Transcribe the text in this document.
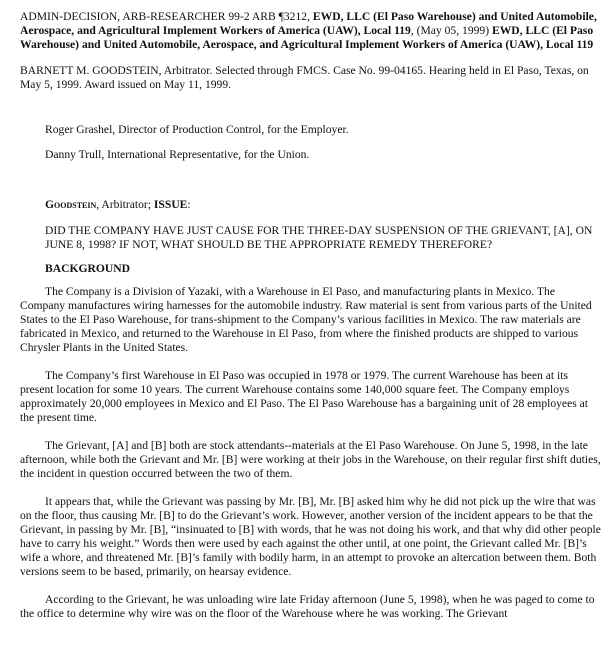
ADMIN-DECISION, ARB-RESEARCHER 99-2 ARB ¶3212, EWD, LLC (El Paso Warehouse) and United Automobile, Aerospace, and Agricultural Implement Workers of America (UAW), Local 119, (May 05, 1999) EWD, LLC (El Paso Warehouse) and United Automobile, Aerospace, and Agricultural Implement Workers of America (UAW), Local 119

BARNETT M. GOODSTEIN, Arbitrator. Selected through FMCS. Case No. 99-04165. Hearing held in El Paso, Texas, on May 5, 1999. Award issued on May 11, 1999.

Roger Grashel, Director of Production Control, for the Employer.

Danny Trull, International Representative, for the Union.

Goodstein, Arbitrator; ISSUE:

DID THE COMPANY HAVE JUST CAUSE FOR THE THREE-DAY SUSPENSION OF THE GRIEVANT, [A], ON JUNE 8, 1998? IF NOT, WHAT SHOULD BE THE APPROPRIATE REMEDY THEREFORE?

BACKGROUND

The Company is a Division of Yazaki, with a Warehouse in El Paso, and manufacturing plants in Mexico. The Company manufactures wiring harnesses for the automobile industry. Raw material is sent from various parts of the United States to the El Paso Warehouse, for trans-shipment to the Company’s various facilities in Mexico. The raw materials are fabricated in Mexico, and returned to the Warehouse in El Paso, from where the finished products are shipped to various Chrysler Plants in the United States.

The Company’s first Warehouse in El Paso was occupied in 1978 or 1979. The current Warehouse has been at its present location for some 10 years. The current Warehouse contains some 140,000 square feet. The Company employs approximately 20,000 employees in Mexico and El Paso. The El Paso Warehouse has a bargaining unit of 28 employees at the present time.

The Grievant, [A] and [B] both are stock attendants--materials at the El Paso Warehouse. On June 5, 1998, in the late afternoon, while both the Grievant and Mr. [B] were working at their jobs in the Warehouse, on their regular first shift duties, the incident in question occurred between the two of them.

It appears that, while the Grievant was passing by Mr. [B], Mr. [B] asked him why he did not pick up the wire that was on the floor, thus causing Mr. [B] to do the Grievant’s work. However, another version of the incident appears to be that the Grievant, in passing by Mr. [B], “insinuated to [B] with words, that he was not doing his work, and that why did other people have to carry his weight.” Words then were used by each against the other until, at one point, the Grievant called Mr. [B]’s wife a whore, and threatened Mr. [B]’s family with bodily harm, in an attempt to provoke an altercation between them. Both versions seem to be based, primarily, on hearsay evidence.

According to the Grievant, he was unloading wire late Friday afternoon (June 5, 1998), when he was paged to come to the office to determine why wire was on the floor of the Warehouse where he was working. The Grievant
